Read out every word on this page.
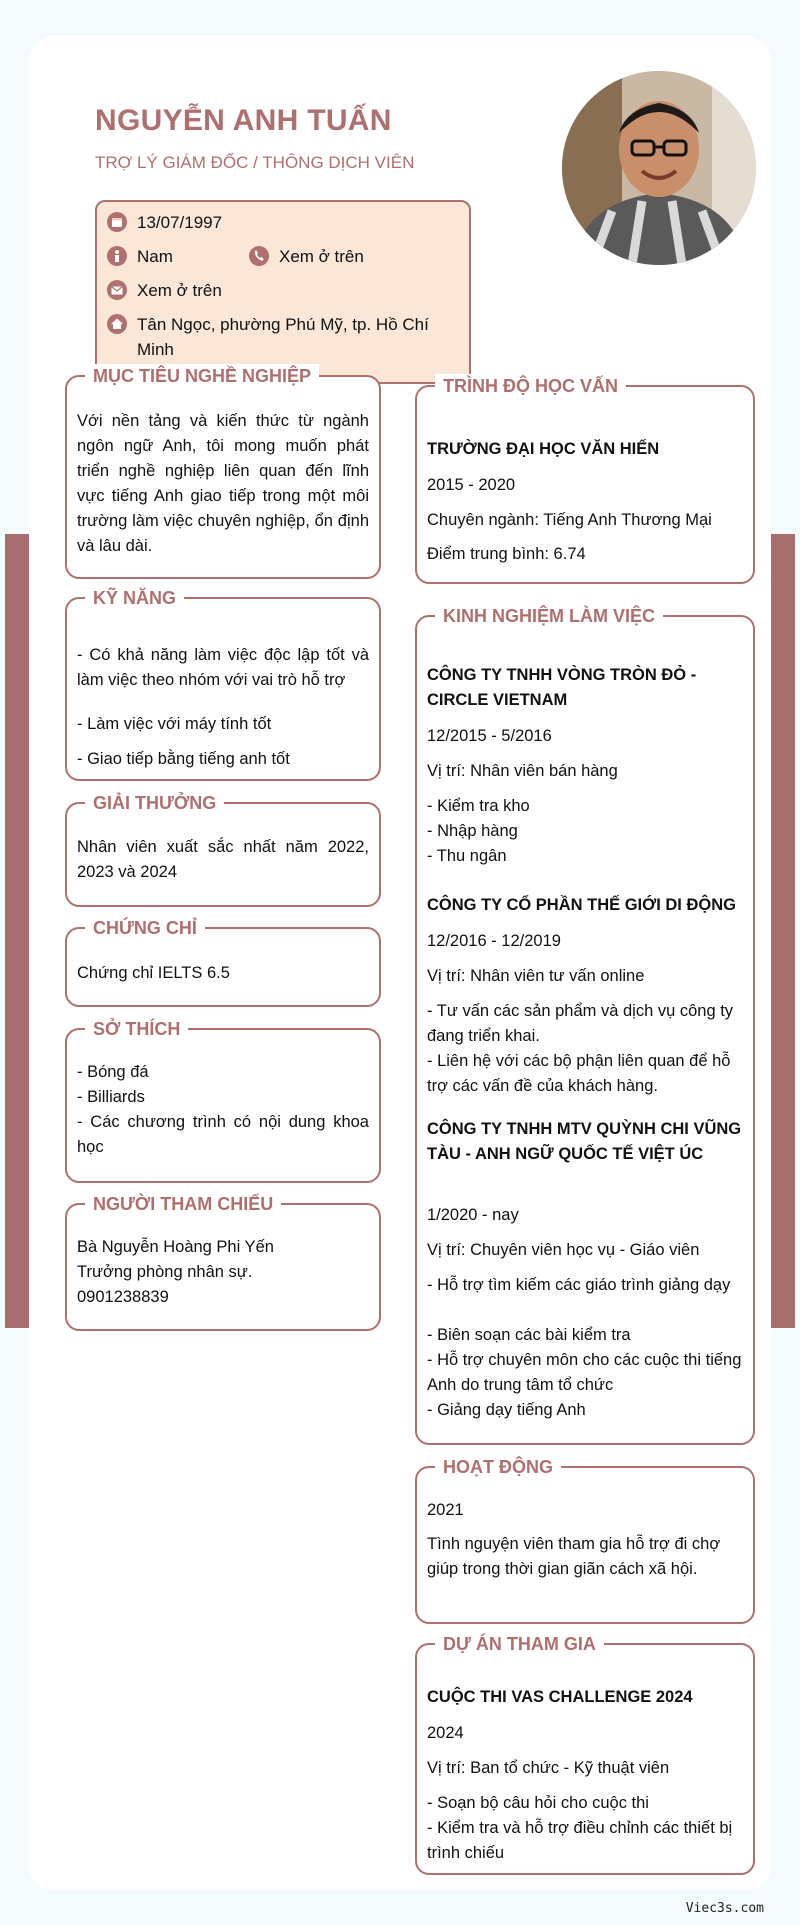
NGUYỄN ANH TUẤN
TRỢ LÝ GIÁM ĐỐC / THÔNG DỊCH VIÊN
13/07/1997
Nam	Xem ở trên
Xem ở trên
Tân Ngọc, phường Phú Mỹ, tp. Hồ Chí Minh
MỤC TIÊU NGHỀ NGHIỆP
Với nền tảng và kiến thức từ ngành ngôn ngữ Anh, tôi mong muốn phát triển nghề nghiệp liên quan đến lĩnh vực tiếng Anh giao tiếp trong một môi trường làm việc chuyên nghiệp, ổn định và lâu dài.
KỸ NĂNG
- Có khả năng làm việc độc lập tốt và làm việc theo nhóm với vai trò hỗ trợ
- Làm việc với máy tính tốt
- Giao tiếp bằng tiếng anh tốt
GIẢI THƯỞNG
Nhân viên xuất sắc nhất năm 2022, 2023 và 2024
CHỨNG CHỈ
Chứng chỉ IELTS 6.5
SỞ THÍCH
- Bóng đá
- Billiards
- Các chương trình có nội dung khoa học
NGƯỜI THAM CHIẾU
Bà Nguyễn Hoàng Phi Yến
Trưởng phòng nhân sự.
0901238839
TRÌNH ĐỘ HỌC VẤN
TRƯỜNG ĐẠI HỌC VĂN HIẾN
2015 - 2020
Chuyên ngành: Tiếng Anh Thương Mại
Điểm trung bình: 6.74
KINH NGHIỆM LÀM VIỆC
CÔNG TY TNHH VÒNG TRÒN ĐỎ - CIRCLE VIETNAM
12/2015 - 5/2016
Vị trí: Nhân viên bán hàng
- Kiểm tra kho
- Nhập hàng
- Thu ngân
CÔNG TY CỔ PHẦN THẾ GIỚI DI ĐỘNG
12/2016 - 12/2019
Vị trí: Nhân viên tư vấn online
- Tư vấn các sản phẩm và dịch vụ công ty đang triển khai.
- Liên hệ với các bộ phận liên quan để hỗ trợ các vấn đề của khách hàng.
CÔNG TY TNHH MTV QUỲNH CHI VŨNG TÀU - ANH NGỮ QUỐC TẾ VIỆT ÚC
1/2020 - nay
Vị trí: Chuyên viên học vụ - Giáo viên
- Hỗ trợ tìm kiếm các giáo trình giảng dạy
- Biên soạn các bài kiểm tra
- Hỗ trợ chuyên môn cho các cuộc thi tiếng Anh do trung tâm tổ chức
- Giảng dạy tiếng Anh
HOẠT ĐỘNG
2021
Tình nguyện viên tham gia hỗ trợ đi chợ giúp trong thời gian giãn cách xã hội.
DỰ ÁN THAM GIA
CUỘC THI VAS CHALLENGE 2024
2024
Vị trí: Ban tổ chức - Kỹ thuật viên
- Soạn bộ câu hỏi cho cuộc thi
- Kiểm tra và hỗ trợ điều chỉnh các thiết bị trình chiếu
Viec3s.com
